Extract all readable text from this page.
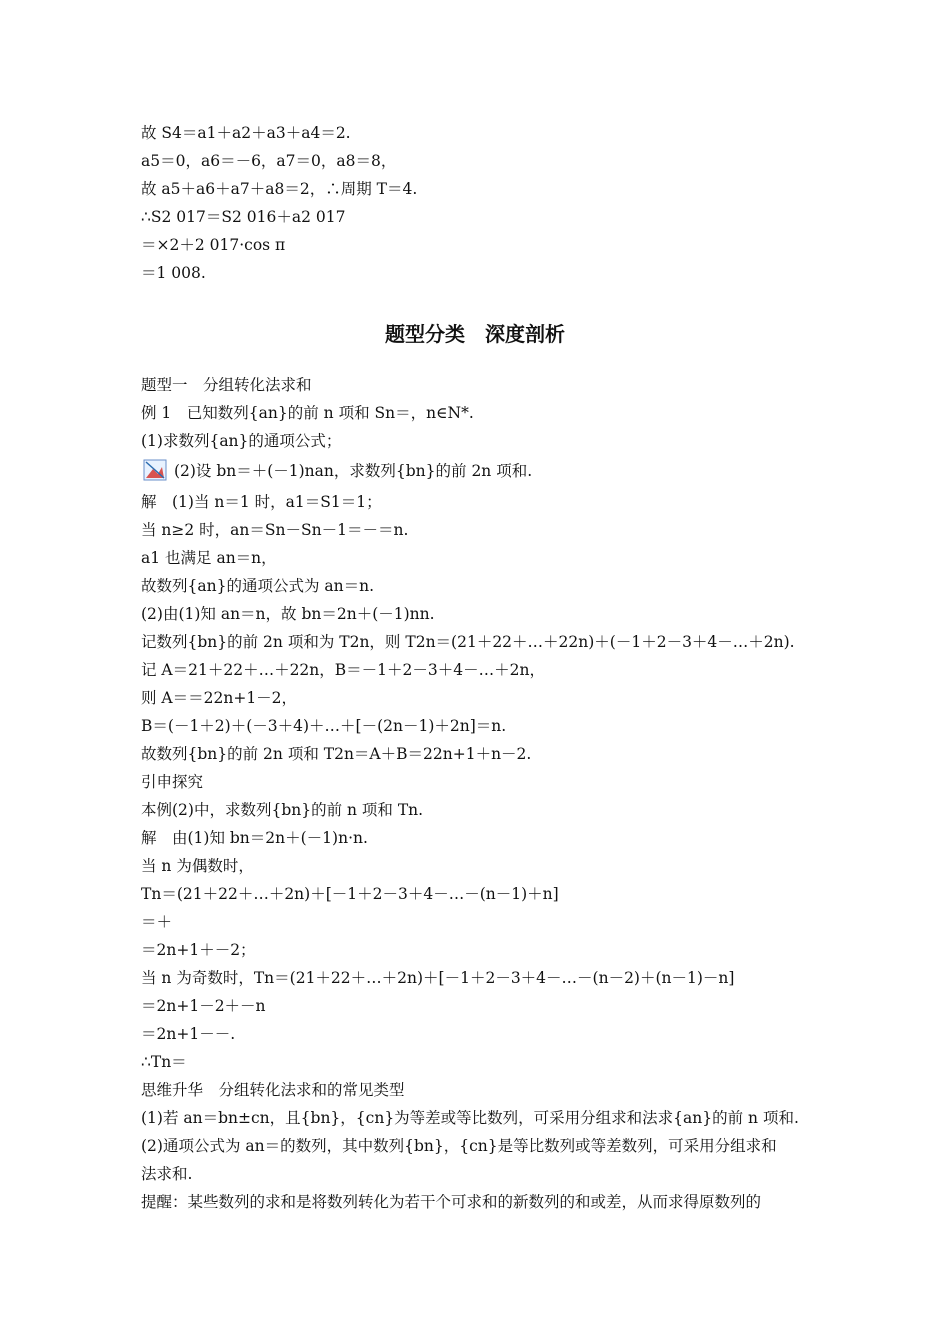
故 S4＝a1＋a2＋a3＋a4＝2.
a5＝0，a6＝－6，a7＝0，a8＝8，
故 a5＋a6＋a7＋a8＝2，∴周期 T＝4.
∴S2 017＝S2 016＋a2 017
＝×2＋2 017·cos π
＝1 008.
题型分类　深度剖析
题型一　分组转化法求和
例 1　已知数列{an}的前 n 项和 Sn＝，n∈N*.
(1)求数列{an}的通项公式；
(2)设 bn＝＋(－1)nan，求数列{bn}的前 2n 项和.
解　(1)当 n＝1 时，a1＝S1＝1；
当 n≥2 时，an＝Sn－Sn－1＝－＝n.
a1 也满足 an＝n，
故数列{an}的通项公式为 an＝n.
(2)由(1)知 an＝n，故 bn＝2n＋(－1)nn.
记数列{bn}的前 2n 项和为 T2n，则 T2n＝(21＋22＋…＋22n)＋(－1＋2－3＋4－…＋2n).
记 A＝21＋22＋…＋22n，B＝－1＋2－3＋4－…＋2n，
则 A＝＝22n+1－2，
B＝(－1＋2)＋(－3＋4)＋…＋[－(2n－1)＋2n]＝n.
故数列{bn}的前 2n 项和 T2n＝A＋B＝22n+1＋n－2.
引申探究
本例(2)中，求数列{bn}的前 n 项和 Tn.
解　由(1)知 bn＝2n＋(－1)n·n.
当 n 为偶数时，
Tn＝(21＋22＋…＋2n)＋[－1＋2－3＋4－…－(n－1)＋n]
＝＋
＝2n+1＋－2；
当 n 为奇数时，Tn＝(21＋22＋…＋2n)＋[－1＋2－3＋4－…－(n－2)＋(n－1)－n]
＝2n+1－2＋－n
＝2n+1－－.
∴Tn＝
思维升华　分组转化法求和的常见类型
(1)若 an＝bn±cn，且{bn}，{cn}为等差或等比数列，可采用分组求和法求{an}的前 n 项和.
(2)通项公式为 an＝的数列，其中数列{bn}，{cn}是等比数列或等差数列，可采用分组求和
法求和.
提醒：某些数列的求和是将数列转化为若干个可求和的新数列的和或差，从而求得原数列的
